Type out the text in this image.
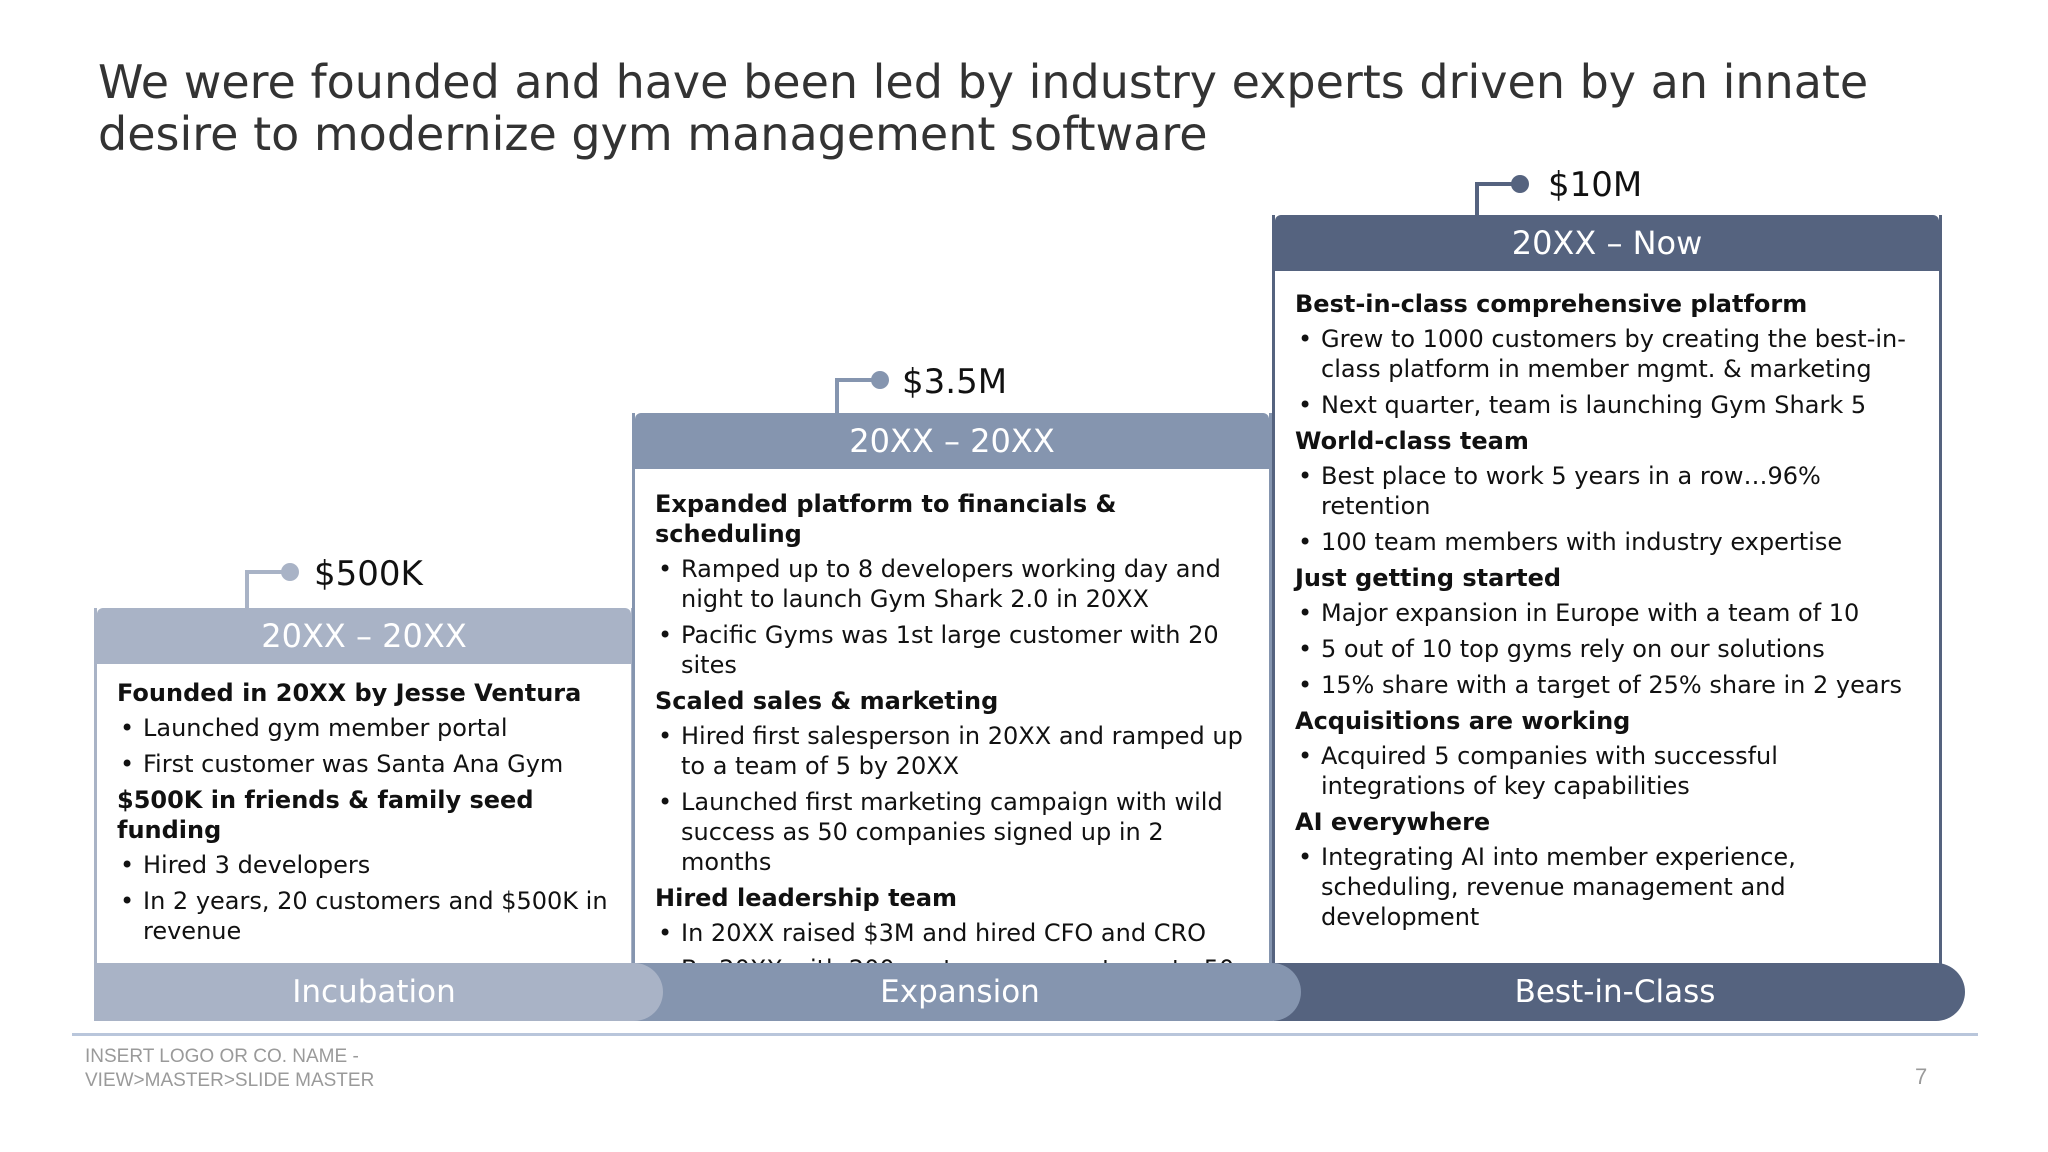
We were founded and have been led by industry experts driven by an innate desire to modernize gym management software
$500K
20XX – 20XX
Founded in 20XX by Jesse Ventura
• Launched gym member portal
• First customer was Santa Ana Gym
$500K in friends & family seed funding
• Hired 3 developers
• In 2 years, 20 customers and $500K in revenue
$3.5M
20XX – 20XX
Expanded platform to financials & scheduling
• Ramped up to 8 developers working day and night to launch Gym Shark 2.0 in 20XX
• Pacific Gyms was 1st large customer with 20 sites
Scaled sales & marketing
• Hired first salesperson in 20XX and ramped up to a team of 5 by 20XX
• Launched first marketing campaign with wild success as 50 companies signed up in 2 months
Hired leadership team
• In 20XX raised $3M and hired CFO and CRO
$10M
20XX – Now
Best-in-class comprehensive platform
• Grew to 1000 customers by creating the best-in-class platform in member mgmt. & marketing
• Next quarter, team is launching Gym Shark 5
World-class team
• Best place to work 5 years in a row…96% retention
• 100 team members with industry expertise
Just getting started
• Major expansion in Europe with a team of 10
• 5 out of 10 top gyms rely on our solutions
• 15% share with a target of 25% share in 2 years
Acquisitions are working
• Acquired 5 companies with successful integrations of key capabilities
AI everywhere
• Integrating AI into member experience, scheduling, revenue management and development
Incubation	Expansion	Best-in-Class
INSERT LOGO OR CO. NAME -
VIEW>MASTER>SLIDE MASTER	7
